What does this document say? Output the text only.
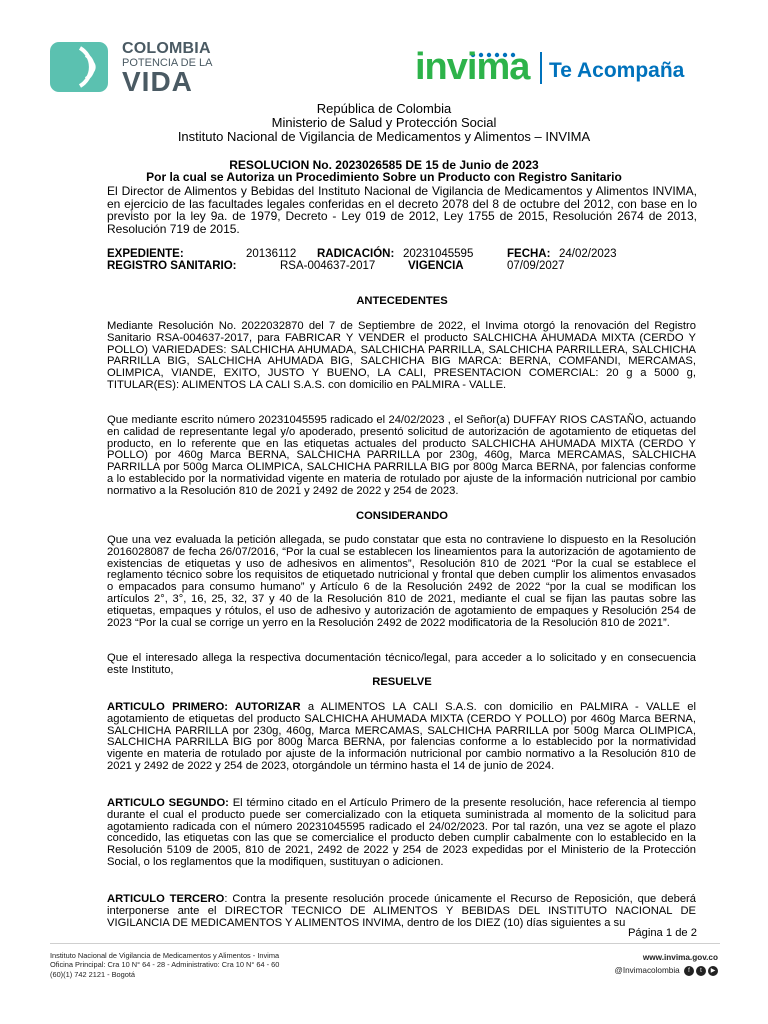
COLOMBIA
POTENCIA DE LA
VIDA	invima Te Acompaña
República de Colombia
Ministerio de Salud y Protección Social
Instituto Nacional de Vigilancia de Medicamentos y Alimentos – INVIMA
RESOLUCION No. 2023026585 DE 15 de Junio de 2023
Por la cual se Autoriza un Procedimiento Sobre un Producto con Registro Sanitario
El Director de Alimentos y Bebidas del Instituto Nacional de Vigilancia de Medicamentos y Alimentos INVIMA, en ejercicio de las facultades legales conferidas en el decreto 2078 del 8 de octubre del 2012, con base en lo previsto por la ley 9a. de 1979, Decreto - Ley 019 de 2012, Ley 1755 de 2015, Resolución 2674 de 2013, Resolución 719 de 2015.
EXPEDIENTE:	20136112 RADICACIÓN: 20231045595	FECHA: 24/02/2023
REGISTRO SANITARIO:	RSA-004637-2017	VIGENCIA	07/09/2027
ANTECEDENTES
Mediante Resolución No. 2022032870 del 7 de Septiembre de 2022, el Invima otorgó la renovación del Registro Sanitario RSA-004637-2017, para FABRICAR Y VENDER el producto SALCHICHA AHUMADA MIXTA (CERDO Y POLLO) VARIEDADES: SALCHICHA AHUMADA, SALCHICHA PARRILLA, SALCHICHA PARRILLERA, SALCHICHA PARRILLA BIG, SALCHICHA AHUMADA BIG, SALCHICHA BIG MARCA: BERNA, COMFANDI, MERCAMAS, OLIMPICA, VIANDE, EXITO, JUSTO Y BUENO, LA CALI, PRESENTACION COMERCIAL: 20 g a 5000 g, TITULAR(ES): ALIMENTOS LA CALI S.A.S. con domicilio en PALMIRA - VALLE.
Que mediante escrito número 20231045595 radicado el 24/02/2023 , el Señor(a) DUFFAY RIOS CASTAÑO, actuando en calidad de representante legal y/o apoderado, presentó solicitud de autorización de agotamiento de etiquetas del producto, en lo referente que en las etiquetas actuales del producto SALCHICHA AHUMADA MIXTA (CERDO Y POLLO) por 460g Marca BERNA, SALCHICHA PARRILLA por 230g, 460g, Marca MERCAMAS, SALCHICHA PARRILLA por 500g Marca OLIMPICA, SALCHICHA PARRILLA BIG por 800g Marca BERNA, por falencias conforme a lo establecido por la normatividad vigente en materia de rotulado por ajuste de la información nutricional por cambio normativo a la Resolución 810 de 2021 y 2492 de 2022 y 254 de 2023.
CONSIDERANDO
Que una vez evaluada la petición allegada, se pudo constatar que esta no contraviene lo dispuesto en la Resolución 2016028087 de fecha 26/07/2016, “Por la cual se establecen los lineamientos para la autorización de agotamiento de existencias de etiquetas y uso de adhesivos en alimentos”, Resolución 810 de 2021 “Por la cual se establece el reglamento técnico sobre los requisitos de etiquetado nutricional y frontal que deben cumplir los alimentos envasados o empacados para consumo humano” y Artículo 6 de la Resolución 2492 de 2022 “por la cual se modifican los artículos 2°, 3°, 16, 25, 32, 37 y 40 de la Resolución 810 de 2021, mediante el cual se fijan las pautas sobre las etiquetas, empaques y rótulos, el uso de adhesivo y autorización de agotamiento de empaques y Resolución 254 de 2023 “Por la cual se corrige un yerro en la Resolución 2492 de 2022 modificatoria de la Resolución 810 de 2021”.
Que el interesado allega la respectiva documentación técnico/legal, para acceder a lo solicitado y en consecuencia este Instituto,
RESUELVE
ARTICULO PRIMERO: AUTORIZAR a ALIMENTOS LA CALI S.A.S. con domicilio en PALMIRA - VALLE el agotamiento de etiquetas del producto SALCHICHA AHUMADA MIXTA (CERDO Y POLLO) por 460g Marca BERNA, SALCHICHA PARRILLA por 230g, 460g, Marca MERCAMAS, SALCHICHA PARRILLA por 500g Marca OLIMPICA, SALCHICHA PARRILLA BIG por 800g Marca BERNA, por falencias conforme a lo establecido por la normatividad vigente en materia de rotulado por ajuste de la información nutricional por cambio normativo a la Resolución 810 de 2021 y 2492 de 2022 y 254 de 2023, otorgándole un término hasta el 14 de junio de 2024.
ARTICULO SEGUNDO: El término citado en el Artículo Primero de la presente resolución, hace referencia al tiempo durante el cual el producto puede ser comercializado con la etiqueta suministrada al momento de la solicitud para agotamiento radicada con el número 20231045595 radicado el 24/02/2023. Por tal razón, una vez se agote el plazo concedido, las etiquetas con las que se comercialice el producto deben cumplir cabalmente con lo establecido en la Resolución 5109 de 2005, 810 de 2021, 2492 de 2022 y 254 de 2023 expedidas por el Ministerio de la Protección Social, o los reglamentos que la modifiquen, sustituyan o adicionen.
ARTICULO TERCERO: Contra la presente resolución procede únicamente el Recurso de Reposición, que deberá interponerse ante el DIRECTOR TECNICO DE ALIMENTOS Y BEBIDAS DEL INSTITUTO NACIONAL DE VIGILANCIA DE MEDICAMENTOS Y ALIMENTOS INVIMA, dentro de los DIEZ (10) días siguientes a su
Página 1 de 2
Instituto Nacional de Vigilancia de Medicamentos y Alimentos - Invima
Oficina Principal: Cra 10 N° 64 - 28 - Administrativo: Cra 10 N° 64 - 60
(60)(1) 742 2121 - Bogotá
www.invima.gov.co
@Invimacolombia f t ▶
